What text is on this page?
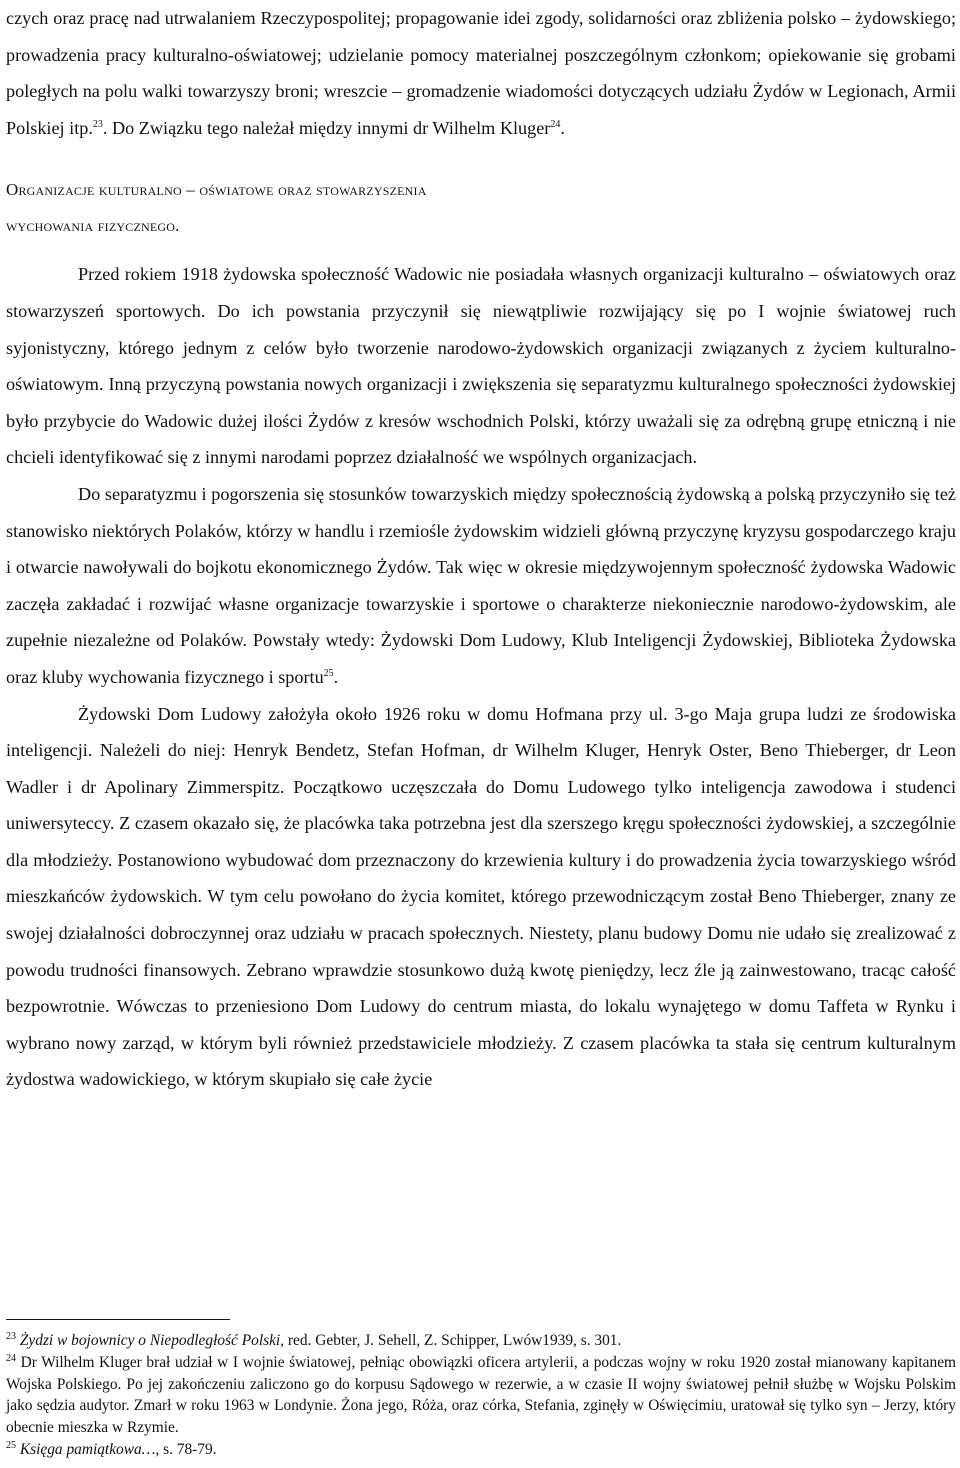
czych oraz pracę nad utrwalaniem Rzeczypospolitej; propagowanie idei zgody, solidarności oraz zbliżenia polsko – żydowskiego; prowadzenia pracy kulturalno-oświatowej; udzielanie pomocy materialnej poszczególnym członkom; opiekowanie się grobami poległych na polu walki towarzyszy broni; wreszcie – gromadzenie wiadomości dotyczących udziału Żydów w Legionach, Armii Polskiej itp.$^{23}$. Do Związku tego należał między innymi dr Wilhelm Kluger$^{24}$.

Organizacje kulturalno – oświatowe oraz stowarzyszenia
wychowania fizycznego.

Przed rokiem 1918 żydowska społeczność Wadowic nie posiadała własnych organizacji kulturalno – oświatowych oraz stowarzyszeń sportowych. Do ich powstania przyczynił się niewątpliwie rozwijający się po I wojnie światowej ruch syjonistyczny, którego jednym z celów było tworzenie narodowo-żydowskich organizacji związanych z życiem kulturalno-oświatowym. Inną przyczyną powstania nowych organizacji i zwiększenia się separatyzmu kulturalnego społeczności żydowskiej było przybycie do Wadowic dużej ilości Żydów z kresów wschodnich Polski, którzy uważali się za odrębną grupę etniczną i nie chcieli identyfikować się z innymi narodami poprzez działalność we wspólnych organizacjach.

Do separatyzmu i pogorszenia się stosunków towarzyskich między społecznością żydowską a polską przyczyniło się też stanowisko niektórych Polaków, którzy w handlu i rzemiośle żydowskim widzieli główną przyczynę kryzysu gospodarczego kraju i otwarcie nawoływali do bojkotu ekonomicznego Żydów. Tak więc w okresie międzywojennym społeczność żydowska Wadowic zaczęła zakładać i rozwijać własne organizacje towarzyskie i sportowe o charakterze niekoniecznie narodowo-żydowskim, ale zupełnie niezależne od Polaków. Powstały wtedy: Żydowski Dom Ludowy, Klub Inteligencji Żydowskiej, Biblioteka Żydowska oraz kluby wychowania fizycznego i sportu$^{25}$.

Żydowski Dom Ludowy założyła około 1926 roku w domu Hofmana przy ul. 3-go Maja grupa ludzi ze środowiska inteligencji. Należeli do niej: Henryk Bendetz, Stefan Hofman, dr Wilhelm Kluger, Henryk Oster, Beno Thieberger, dr Leon Wadler i dr Apolinary Zimmerspitz. Początkowo uczęszczała do Domu Ludowego tylko inteligencja zawodowa i studenci uniwersyteccy. Z czasem okazało się, że placówka taka potrzebna jest dla szerszego kręgu społeczności żydowskiej, a szczególnie dla młodzieży. Postanowiono wybudować dom przeznaczony do krzewienia kultury i do prowadzenia życia towarzyskiego wśród mieszkańców żydowskich. W tym celu powołano do życia komitet, którego przewodniczącym został Beno Thieberger, znany ze swojej działalności dobroczynnej oraz udziału w pracach społecznych. Niestety, planu budowy Domu nie udało się zrealizować z powodu trudności finansowych. Zebrano wprawdzie stosunkowo dużą kwotę pieniędzy, lecz źle ją zainwestowano, tracąc całość bezpowrotnie. Wówczas to przeniesiono Dom Ludowy do centrum miasta, do lokalu wynajętego w domu Taffeta w Rynku i wybrano nowy zarząd, w którym byli również przedstawiciele młodzieży. Z czasem placówka ta stała się centrum kulturalnym żydostwa wadowickiego, w którym skupiało się całe życie

$^{23}$ Żydzi w bojownicy o Niepodległość Polski, red. Gebter, J. Sehell, Z. Schipper, Lwów1939, s. 301.

$^{24}$ Dr Wilhelm Kluger brał udział w I wojnie światowej, pełniąc obowiązki oficera artylerii, a podczas wojny w roku 1920 został mianowany kapitanem Wojska Polskiego. Po jej zakończeniu zaliczono go do korpusu Sądowego w rezerwie, a w czasie II wojny światowej pełnił służbę w Wojsku Polskim jako sędzia audytor. Zmarł w roku 1963 w Londynie. Żona jego, Róża, oraz córka, Stefania, zginęły w Oświęcimiu, uratował się tylko syn – Jerzy, który obecnie mieszka w Rzymie.

$^{25}$ Księga pamiątkowa…, s. 78-79.
